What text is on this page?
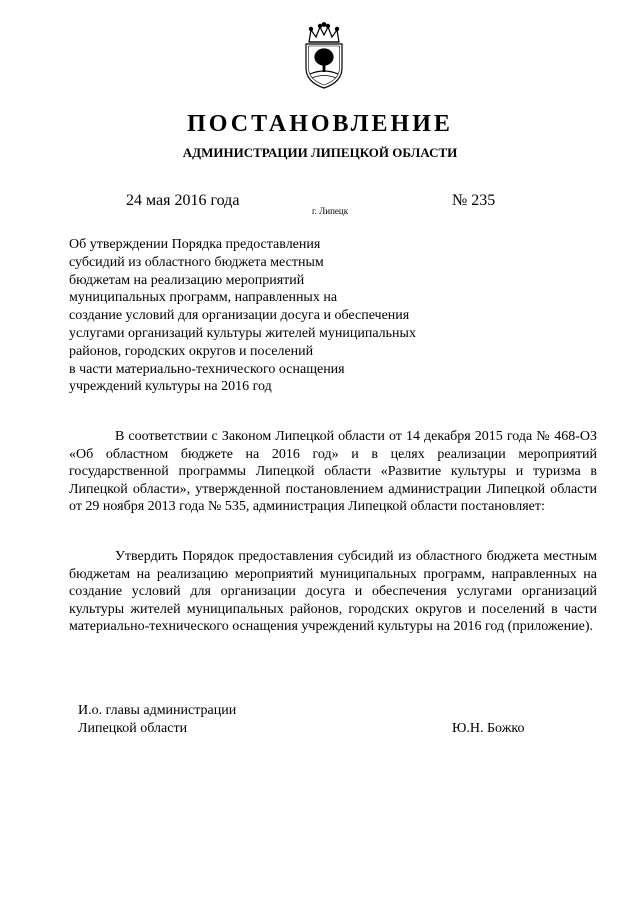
ПОСТАНОВЛЕНИЕ
АДМИНИСТРАЦИИ ЛИПЕЦКОЙ ОБЛАСТИ
24 мая 2016 года
г. Липецк
№ 235
Об утверждении Порядка предоставления
субсидий из областного бюджета местным
бюджетам на реализацию мероприятий
муниципальных программ, направленных на
создание условий для организации досуга и обеспечения
услугами организаций культуры жителей муниципальных
районов, городских округов и поселений
в части материально-технического оснащения
учреждений культуры на 2016 год

В соответствии с Законом Липецкой области от 14 декабря 2015 года № 468-ОЗ «Об областном бюджете на 2016 год» и в целях реализации мероприятий государственной программы Липецкой области «Развитие культуры и туризма в Липецкой области», утвержденной постановлением администрации Липецкой области от 29 ноября 2013 года № 535, администрация Липецкой области постановляет:

Утвердить Порядок предоставления субсидий из областного бюджета местным бюджетам на реализацию мероприятий муниципальных программ, направленных на создание условий для организации досуга и обеспечения услугами организаций культуры жителей муниципальных районов, городских округов и поселений в части материально-технического оснащения учреждений культуры на 2016 год (приложение).

И.о. главы администрации
Липецкой области	Ю.Н. Божко
